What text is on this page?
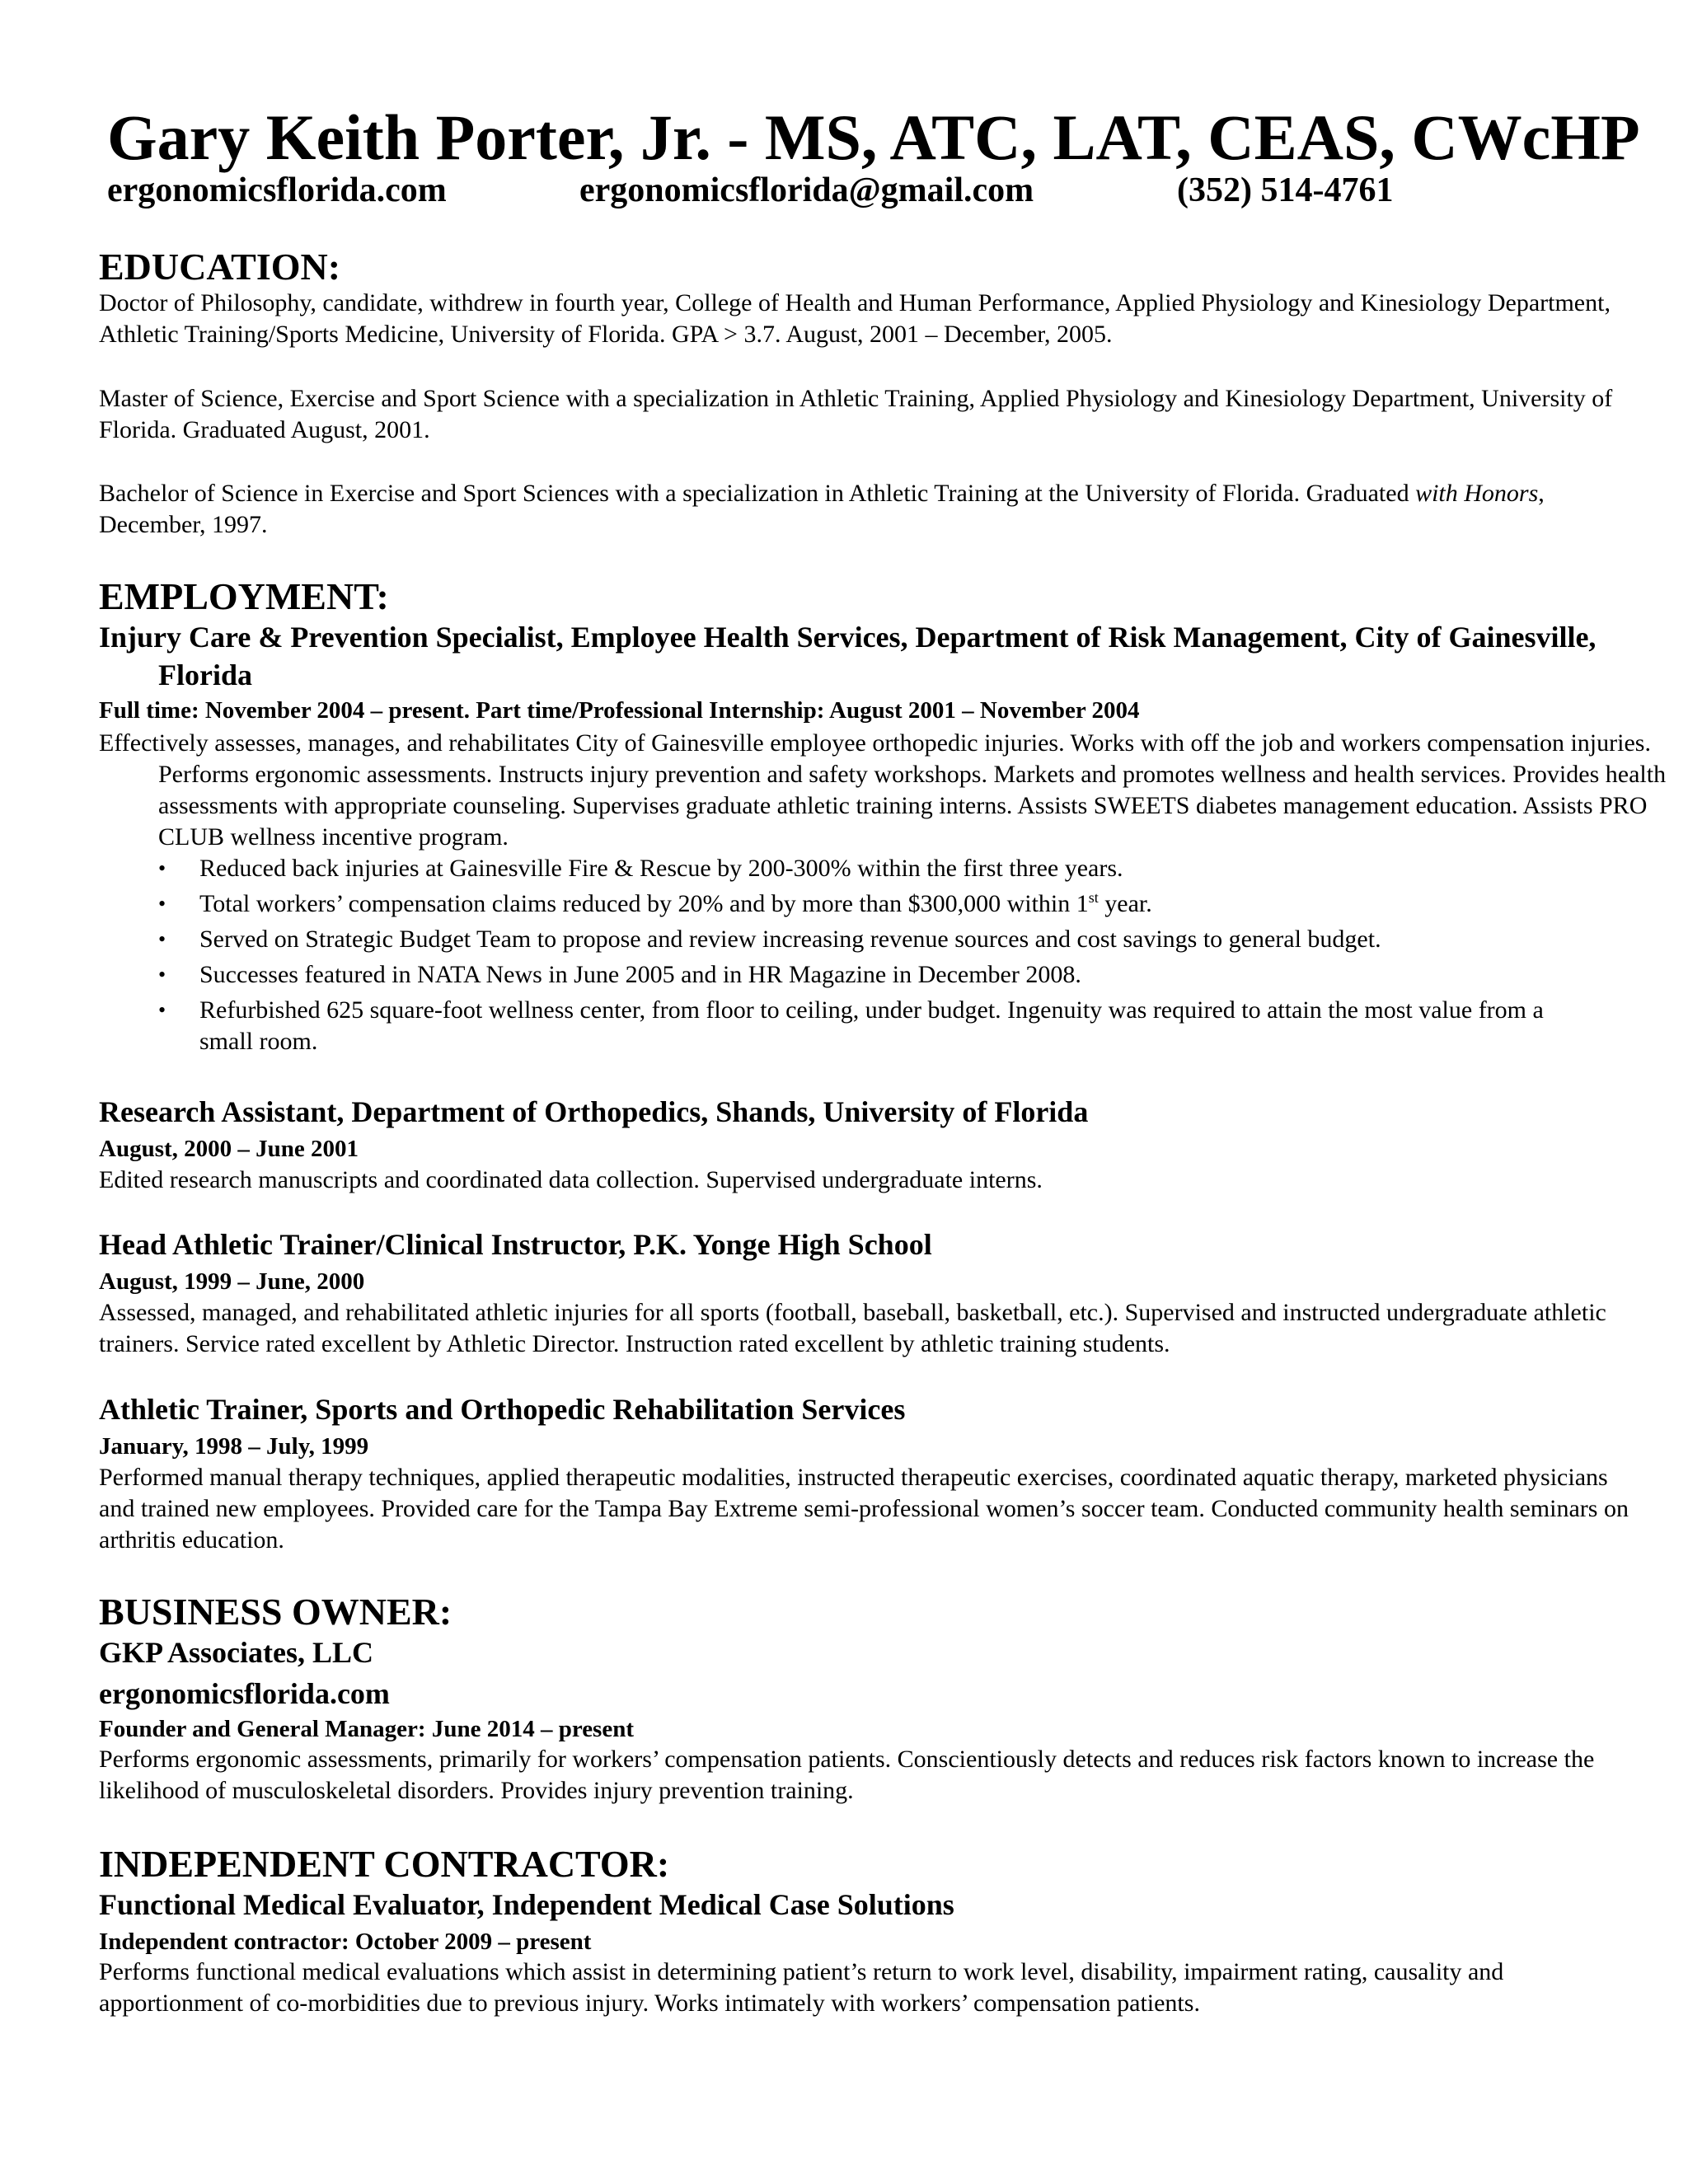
Gary Keith Porter, Jr. - MS, ATC, LAT, CEAS, CWcHP
ergonomicsflorida.com	ergonomicsflorida@gmail.com	(352) 514-4761
EDUCATION:

Doctor of Philosophy, candidate, withdrew in fourth year, College of Health and Human Performance, Applied Physiology and Kinesiology Department, Athletic Training/Sports Medicine, University of Florida. GPA > 3.7. August, 2001 – December, 2005.

Master of Science, Exercise and Sport Science with a specialization in Athletic Training, Applied Physiology and Kinesiology Department, University of Florida. Graduated August, 2001.

Bachelor of Science in Exercise and Sport Sciences with a specialization in Athletic Training at the University of Florida. Graduated with Honors, December, 1997.

EMPLOYMENT:
Injury Care & Prevention Specialist, Employee Health Services, Department of Risk Management, City of Gainesville, Florida
Full time: November 2004 – present. Part time/Professional Internship: August 2001 – November 2004

Effectively assesses, manages, and rehabilitates City of Gainesville employee orthopedic injuries. Works with off the job and workers compensation injuries. Performs ergonomic assessments. Instructs injury prevention and safety workshops. Markets and promotes wellness and health services. Provides health assessments with appropriate counseling. Supervises graduate athletic training interns. Assists SWEETS diabetes management education. Assists PRO CLUB wellness incentive program.

• Reduced back injuries at Gainesville Fire & Rescue by 200-300% within the first three years.
• Total workers’ compensation claims reduced by 20% and by more than $300,000 within 1st year.
• Served on Strategic Budget Team to propose and review increasing revenue sources and cost savings to general budget.
• Successes featured in NATA News in June 2005 and in HR Magazine in December 2008.
• Refurbished 625 square-foot wellness center, from floor to ceiling, under budget. Ingenuity was required to attain the most value from a small room.
Research Assistant, Department of Orthopedics, Shands, University of Florida
August, 2000 – June 2001

Edited research manuscripts and coordinated data collection. Supervised undergraduate interns.

Head Athletic Trainer/Clinical Instructor, P.K. Yonge High School
August, 1999 – June, 2000

Assessed, managed, and rehabilitated athletic injuries for all sports (football, baseball, basketball, etc.). Supervised and instructed undergraduate athletic trainers. Service rated excellent by Athletic Director. Instruction rated excellent by athletic training students.

Athletic Trainer, Sports and Orthopedic Rehabilitation Services
January, 1998 – July, 1999

Performed manual therapy techniques, applied therapeutic modalities, instructed therapeutic exercises, coordinated aquatic therapy, marketed physicians and trained new employees. Provided care for the Tampa Bay Extreme semi-professional women’s soccer team. Conducted community health seminars on arthritis education.

BUSINESS OWNER:
GKP Associates, LLC
ergonomicsflorida.com
Founder and General Manager: June 2014 – present

Performs ergonomic assessments, primarily for workers’ compensation patients. Conscientiously detects and reduces risk factors known to increase the likelihood of musculoskeletal disorders. Provides injury prevention training.

INDEPENDENT CONTRACTOR:
Functional Medical Evaluator, Independent Medical Case Solutions
Independent contractor: October 2009 – present

Performs functional medical evaluations which assist in determining patient’s return to work level, disability, impairment rating, causality and apportionment of co-morbidities due to previous injury. Works intimately with workers’ compensation patients.
